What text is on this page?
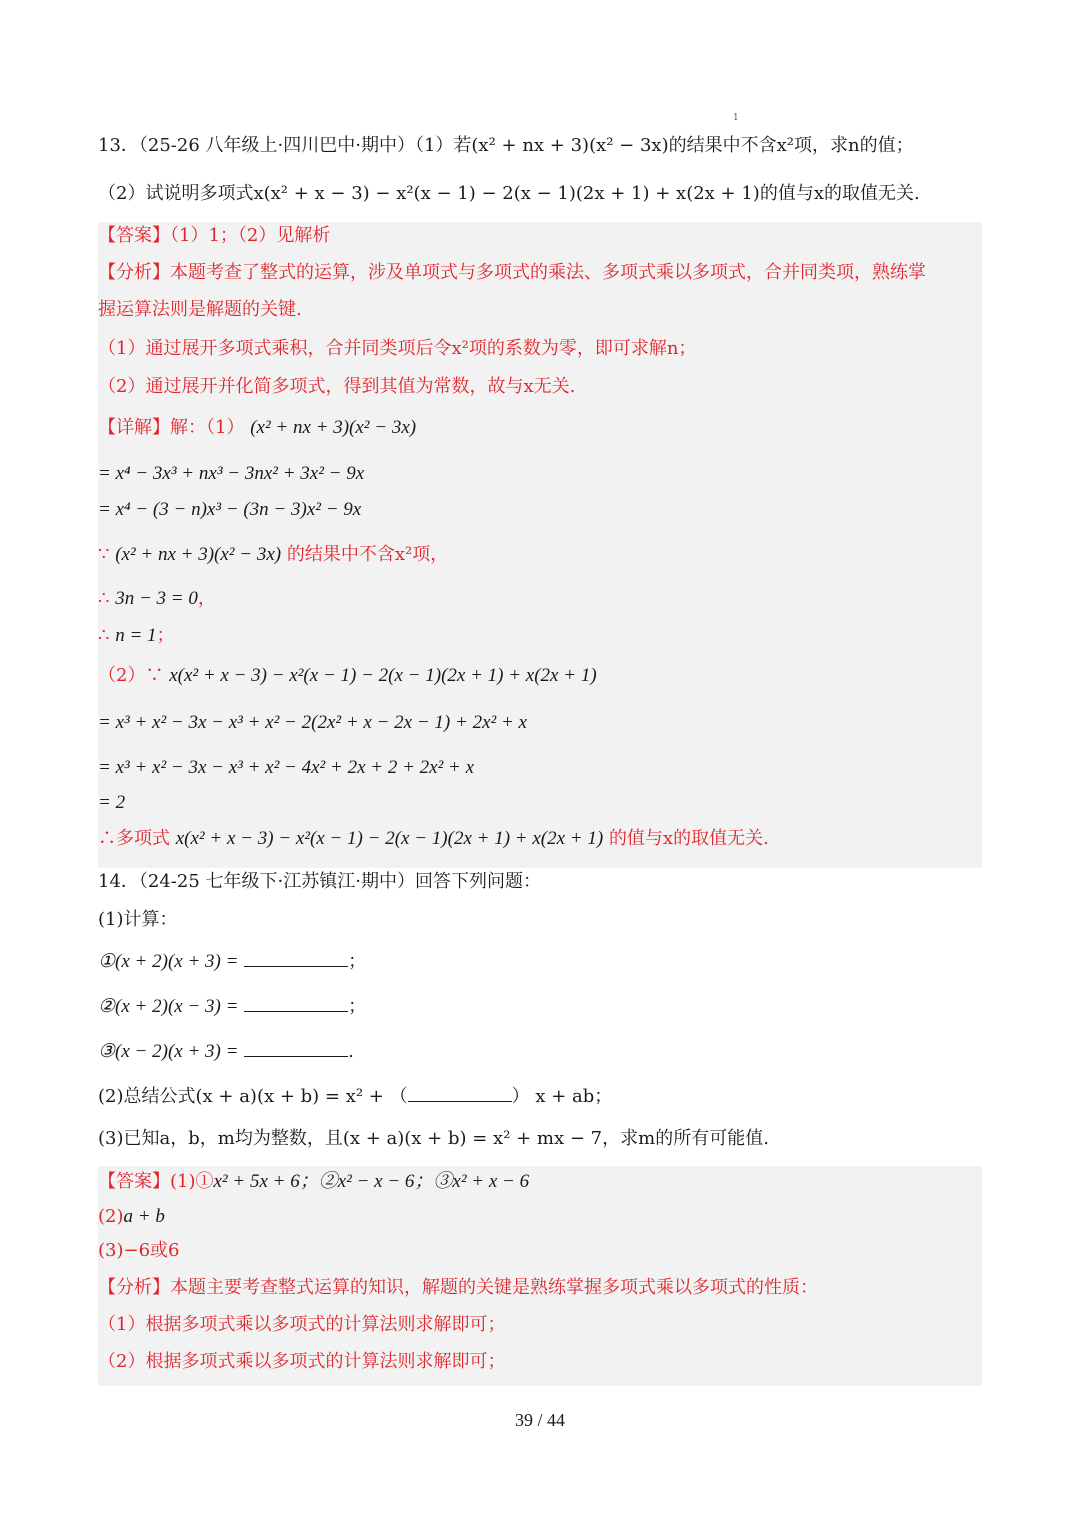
1
13．（25-26 八年级上·四川巴中·期中）（1）若(x² + nx + 3)(x² − 3x)的结果中不含x²项，求n的值；
（2）试说明多项式x(x² + x − 3) − x²(x − 1) − 2(x − 1)(2x + 1) + x(2x + 1)的值与x的取值无关.
【答案】（1）1；（2）见解析
【分析】本题考查了整式的运算，涉及单项式与多项式的乘法、多项式乘以多项式，合并同类项，熟练掌
握运算法则是解题的关键.
（1）通过展开多项式乘积，合并同类项后令x²项的系数为零，即可求解n；
（2）通过展开并化简多项式，得到其值为常数，故与x无关.
【详解】解：（1） (x² + nx + 3)(x² − 3x)
= x⁴ − 3x³ + nx³ − 3nx² + 3x² − 9x
= x⁴ − (3 − n)x³ − (3n − 3)x² − 9x
∵ (x² + nx + 3)(x² − 3x) 的结果中不含x²项，
∴ 3n − 3 = 0，
∴ n = 1；
（2）∵ x(x² + x − 3) − x²(x − 1) − 2(x − 1)(2x + 1) + x(2x + 1)
= x³ + x² − 3x − x³ + x² − 2(2x² + x − 2x − 1) + 2x² + x
= x³ + x² − 3x − x³ + x² − 4x² + 2x + 2 + 2x² + x
= 2
∴多项式 x(x² + x − 3) − x²(x − 1) − 2(x − 1)(2x + 1) + x(2x + 1) 的值与x的取值无关.
14．（24-25 七年级下·江苏镇江·期中）回答下列问题：
(1)计算：
①(x + 2)(x + 3) =	；
②(x + 2)(x − 3) =	；
③(x − 2)(x + 3) =	.
(2)总结公式(x + a)(x + b) = x² + （	） x + ab；
(3)已知a，b，m均为整数，且(x + a)(x + b) = x² + mx − 7，求m的所有可能值.
【答案】(1)①x² + 5x + 6；②x² − x − 6；③x² + x − 6
(2)a + b
(3)−6或6
【分析】本题主要考查整式运算的知识，解题的关键是熟练掌握多项式乘以多项式的性质：
（1）根据多项式乘以多项式的计算法则求解即可；
（2）根据多项式乘以多项式的计算法则求解即可；
39 / 44
